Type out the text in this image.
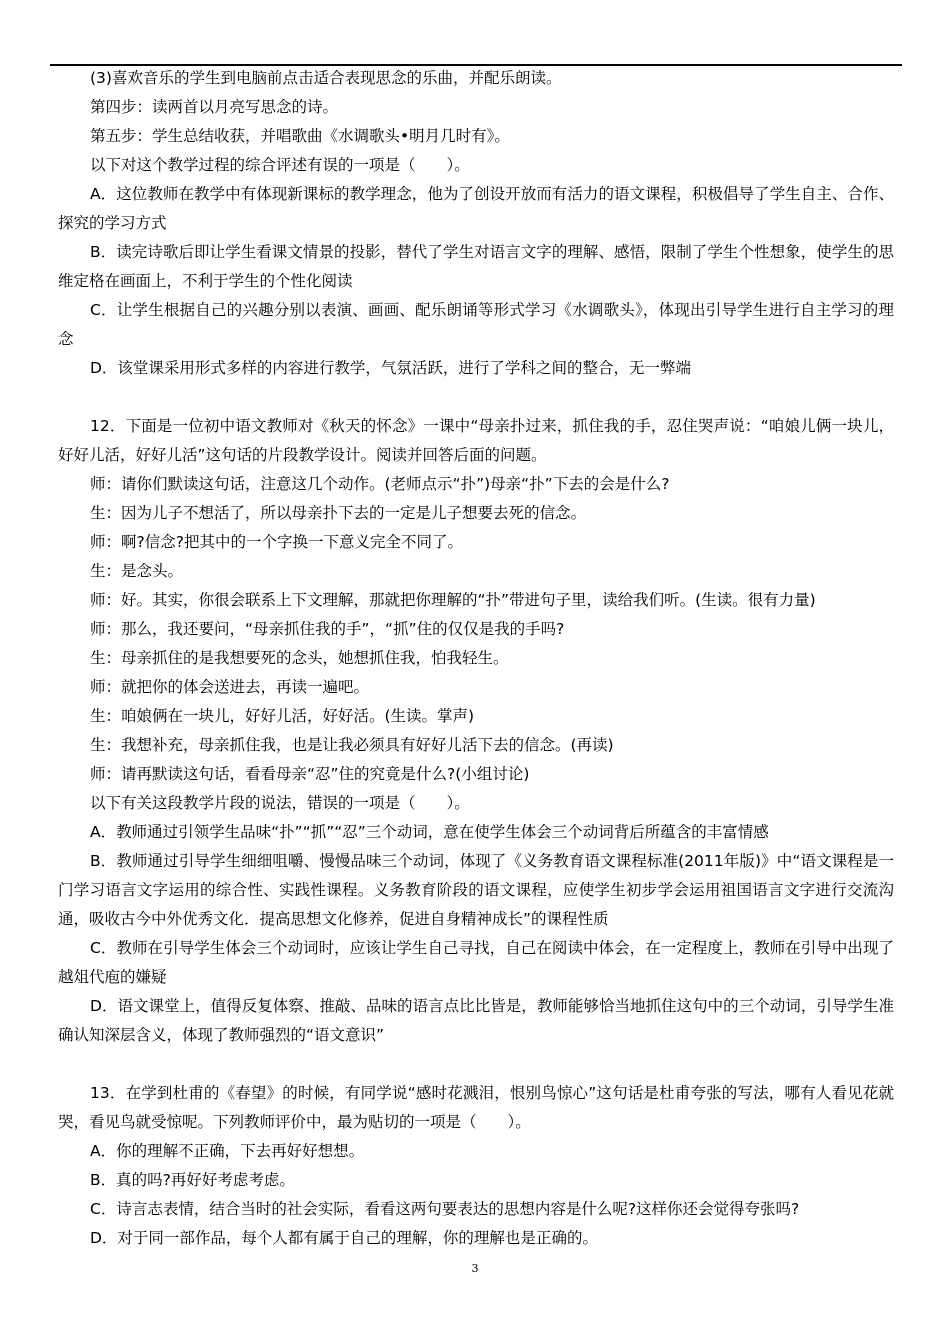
(3)喜欢音乐的学生到电脑前点击适合表现思念的乐曲，并配乐朗读。

第四步：读两首以月亮写思念的诗。

第五步：学生总结收获，并唱歌曲《水调歌头•明月几时有》。

以下对这个教学过程的综合评述有误的一项是（　　）。

A．这位教师在教学中有体现新课标的教学理念，他为了创设开放而有活力的语文课程，积极倡导了学生自主、合作、探究的学习方式

B．读完诗歌后即让学生看课文情景的投影，替代了学生对语言文字的理解、感悟，限制了学生个性想象，使学生的思维定格在画面上，不利于学生的个性化阅读

C．让学生根据自己的兴趣分别以表演、画画、配乐朗诵等形式学习《水调歌头》，体现出引导学生进行自主学习的理念

D．该堂课采用形式多样的内容进行教学，气氛活跃，进行了学科之间的整合，无一弊端

12．下面是一位初中语文教师对《秋天的怀念》一课中“母亲扑过来，抓住我的手，忍住哭声说：“咱娘儿俩一块儿，好好儿活，好好儿活”这句话的片段教学设计。阅读并回答后面的问题。

师：请你们默读这句话，注意这几个动作。(老师点示“扑”)母亲“扑”下去的会是什么?

生：因为儿子不想活了，所以母亲扑下去的一定是儿子想要去死的信念。

师：啊?信念?把其中的一个字换一下意义完全不同了。

生：是念头。

师：好。其实，你很会联系上下文理解，那就把你理解的“扑”带进句子里，读给我们听。(生读。很有力量)

师：那么，我还要问，“母亲抓住我的手”，“抓”住的仅仅是我的手吗?

生：母亲抓住的是我想要死的念头，她想抓住我，怕我轻生。

师：就把你的体会送进去，再读一遍吧。

生：咱娘俩在一块儿，好好儿活，好好活。(生读。掌声)

生：我想补充，母亲抓住我，也是让我必须具有好好儿活下去的信念。(再读)

师：请再默读这句话，看看母亲“忍”住的究竟是什么?(小组讨论)

以下有关这段教学片段的说法，错误的一项是（　　）。

A．教师通过引领学生品味“扑”“抓”“忍”三个动词，意在使学生体会三个动词背后所蕴含的丰富情感

B．教师通过引导学生细细咀嚼、慢慢品味三个动词，体现了《义务教育语文课程标准(2011年版)》中“语文课程是一门学习语言文字运用的综合性、实践性课程。义务教育阶段的语文课程，应使学生初步学会运用祖国语言文字进行交流沟通，吸收古今中外优秀文化．提高思想文化修养，促进自身精神成长”的课程性质

C．教师在引导学生体会三个动词时，应该让学生自己寻找，自己在阅读中体会，在一定程度上，教师在引导中出现了越俎代庖的嫌疑

D．语文课堂上，值得反复体察、推敲、品味的语言点比比皆是，教师能够恰当地抓住这句中的三个动词，引导学生准确认知深层含义，体现了教师强烈的“语文意识”

13．在学到杜甫的《春望》的时候，有同学说“感时花溅泪，恨别鸟惊心”这句话是杜甫夸张的写法，哪有人看见花就哭，看见鸟就受惊呢。下列教师评价中，最为贴切的一项是（　　）。

A．你的理解不正确，下去再好好想想。

B．真的吗?再好好考虑考虑。

C．诗言志表情，结合当时的社会实际，看看这两句要表达的思想内容是什么呢?这样你还会觉得夸张吗?

D．对于同一部作品，每个人都有属于自己的理解，你的理解也是正确的。

3
